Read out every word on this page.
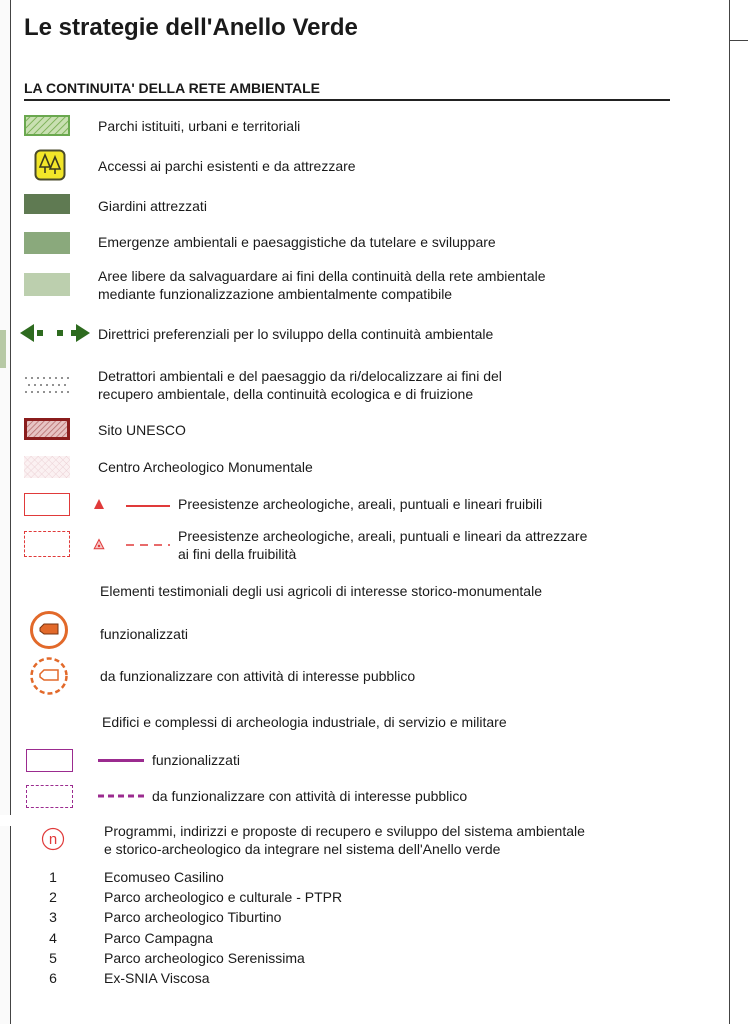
Le strategie dell'Anello Verde
LA CONTINUITA' DELLA RETE AMBIENTALE
Parchi istituiti, urbani e territoriali
Accessi ai parchi esistenti e da attrezzare
Giardini attrezzati
Emergenze ambientali e paesaggistiche da tutelare e sviluppare
Aree libere da salvaguardare ai fini della continuità della rete ambientale
mediante funzionalizzazione ambientalmente compatibile
Direttrici preferenziali per lo sviluppo della continuità ambientale
Detrattori ambientali e del paesaggio da ri/delocalizzare ai fini del
recupero ambientale, della continuità ecologica e di fruizione
Sito UNESCO
Centro Archeologico Monumentale
Preesistenze archeologiche, areali, puntuali e lineari fruibili
Preesistenze archeologiche, areali, puntuali e lineari da attrezzare
ai fini della fruibilità
Elementi testimoniali degli usi agricoli di interesse storico-monumentale
funzionalizzati
da funzionalizzare con attività di interesse pubblico
Edifici e complessi di archeologia industriale, di servizio e militare
funzionalizzati
da funzionalizzare con attività di interesse pubblico
n	Programmi, indirizzi e proposte di recupero e sviluppo del sistema ambientale
e storico-archeologico da integrare nel sistema dell'Anello verde
1	Ecomuseo Casilino
2	Parco archeologico e culturale - PTPR
3	Parco archeologico Tiburtino
4	Parco Campagna
5	Parco archeologico Serenissima
6	Ex-SNIA Viscosa
